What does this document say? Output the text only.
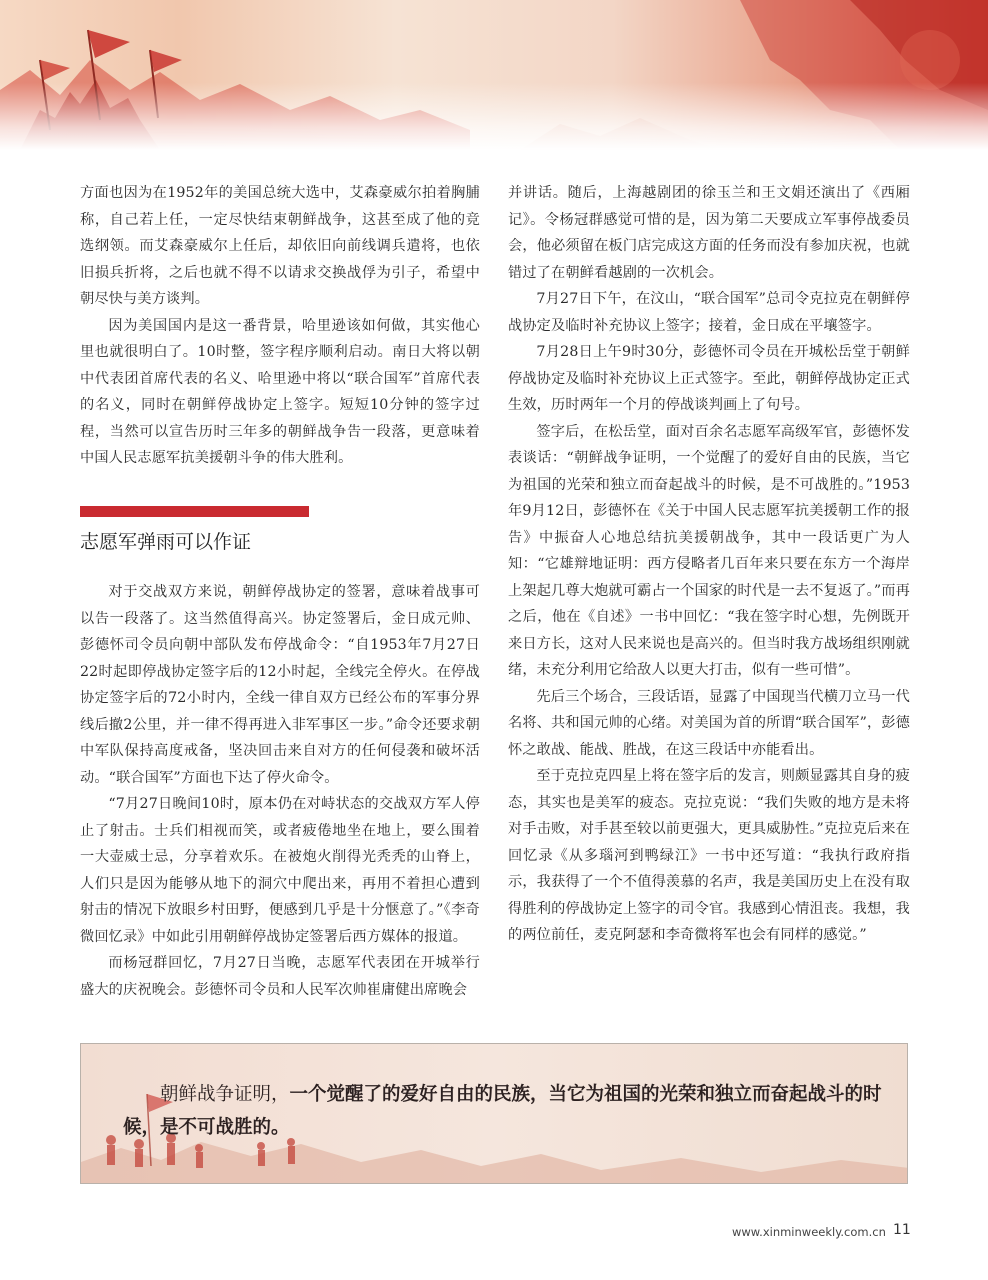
方面也因为在1952年的美国总统大选中，艾森豪威尔拍着胸脯称，自己若上任，一定尽快结束朝鲜战争，这甚至成了他的竞选纲领。而艾森豪威尔上任后，却依旧向前线调兵遣将，也依旧损兵折将，之后也就不得不以请求交换战俘为引子，希望中朝尽快与美方谈判。

因为美国国内是这一番背景，哈里逊该如何做，其实他心里也就很明白了。10时整，签字程序顺利启动。南日大将以朝中代表团首席代表的名义、哈里逊中将以“联合国军”首席代表的名义，同时在朝鲜停战协定上签字。短短10分钟的签字过程，当然可以宣告历时三年多的朝鲜战争告一段落，更意味着中国人民志愿军抗美援朝斗争的伟大胜利。

志愿军弹雨可以作证

对于交战双方来说，朝鲜停战协定的签署，意味着战事可以告一段落了。这当然值得高兴。协定签署后，金日成元帅、彭德怀司令员向朝中部队发布停战命令：“自1953年7月27日22时起即停战协定签字后的12小时起，全线完全停火。在停战协定签字后的72小时内，全线一律自双方已经公布的军事分界线后撤2公里，并一律不得再进入非军事区一步。”命令还要求朝中军队保持高度戒备，坚决回击来自对方的任何侵袭和破坏活动。“联合国军”方面也下达了停火命令。

“7月27日晚间10时，原本仍在对峙状态的交战双方军人停止了射击。士兵们相视而笑，或者疲倦地坐在地上，要么围着一大壶威士忌，分享着欢乐。在被炮火削得光秃秃的山脊上，人们只是因为能够从地下的洞穴中爬出来，再用不着担心遭到射击的情况下放眼乡村田野，便感到几乎是十分惬意了。”《李奇微回忆录》中如此引用朝鲜停战协定签署后西方媒体的报道。

而杨冠群回忆，7月27日当晚，志愿军代表团在开城举行盛大的庆祝晚会。彭德怀司令员和人民军次帅崔庸健出席晚会

并讲话。随后，上海越剧团的徐玉兰和王文娟还演出了《西厢记》。令杨冠群感觉可惜的是，因为第二天要成立军事停战委员会，他必须留在板门店完成这方面的任务而没有参加庆祝，也就错过了在朝鲜看越剧的一次机会。

7月27日下午，在汶山，“联合国军”总司令克拉克在朝鲜停战协定及临时补充协议上签字；接着，金日成在平壤签字。

7月28日上午9时30分，彭德怀司令员在开城松岳堂于朝鲜停战协定及临时补充协议上正式签字。至此，朝鲜停战协定正式生效，历时两年一个月的停战谈判画上了句号。

签字后，在松岳堂，面对百余名志愿军高级军官，彭德怀发表谈话：“朝鲜战争证明，一个觉醒了的爱好自由的民族，当它为祖国的光荣和独立而奋起战斗的时候，是不可战胜的。”1953年9月12日，彭德怀在《关于中国人民志愿军抗美援朝工作的报告》中振奋人心地总结抗美援朝战争，其中一段话更广为人知：“它雄辩地证明：西方侵略者几百年来只要在东方一个海岸上架起几尊大炮就可霸占一个国家的时代是一去不复返了。”而再之后，他在《自述》一书中回忆：“我在签字时心想，先例既开来日方长，这对人民来说也是高兴的。但当时我方战场组织刚就绪，未充分利用它给敌人以更大打击，似有一些可惜”。

先后三个场合，三段话语，显露了中国现当代横刀立马一代名将、共和国元帅的心绪。对美国为首的所谓“联合国军”，彭德怀之敢战、能战、胜战，在这三段话中亦能看出。

至于克拉克四星上将在签字后的发言，则颇显露其自身的疲态，其实也是美军的疲态。克拉克说：“我们失败的地方是未将对手击败，对手甚至较以前更强大，更具威胁性。”克拉克后来在回忆录《从多瑙河到鸭绿江》一书中还写道：“我执行政府指示，我获得了一个不值得羡慕的名声，我是美国历史上在没有取得胜利的停战协定上签字的司令官。我感到心情沮丧。我想，我的两位前任，麦克阿瑟和李奇微将军也会有同样的感觉。”

朝鲜战争证明，一个觉醒了的爱好自由的民族，当它为祖国的光荣和独立而奋起战斗的时候，是不可战胜的。
www.xinminweekly.com.cn 11
